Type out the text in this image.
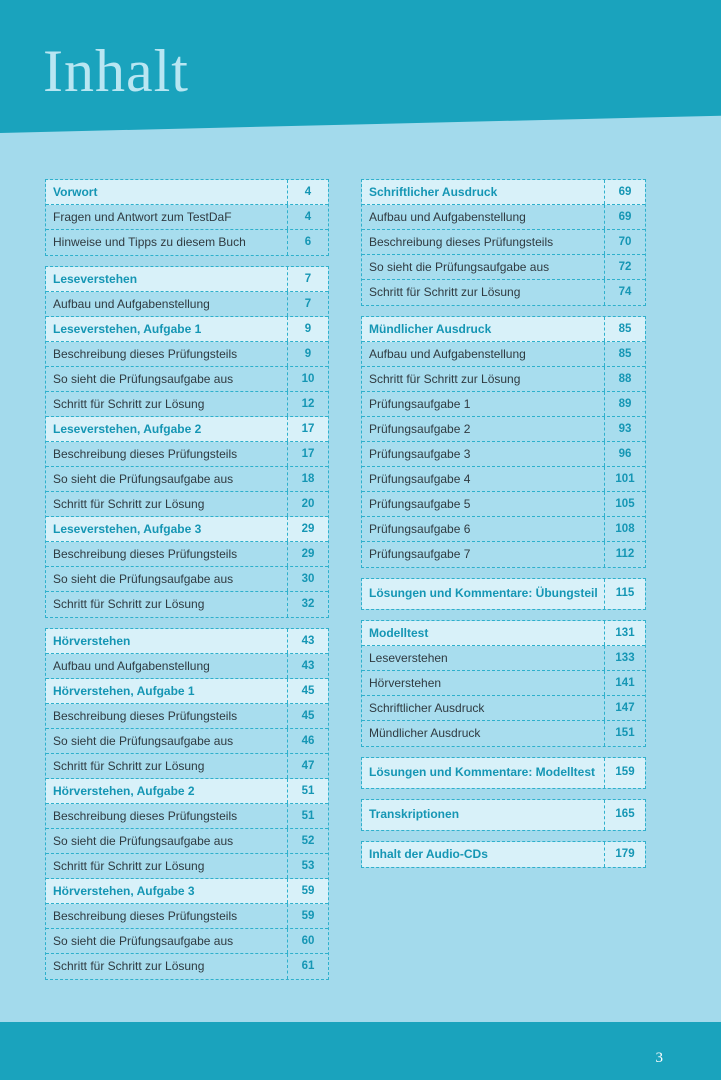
Inhalt
Vorwort	4
Fragen und Antwort zum TestDaF	4
Hinweise und Tipps zu diesem Buch	6
Leseverstehen	7
Aufbau und Aufgabenstellung	7
Leseverstehen, Aufgabe 1	9
Beschreibung dieses Prüfungsteils	9
So sieht die Prüfungsaufgabe aus	10
Schritt für Schritt zur Lösung	12
Leseverstehen, Aufgabe 2	17
Beschreibung dieses Prüfungsteils	17
So sieht die Prüfungsaufgabe aus	18
Schritt für Schritt zur Lösung	20
Leseverstehen, Aufgabe 3	29
Beschreibung dieses Prüfungsteils	29
So sieht die Prüfungsaufgabe aus	30
Schritt für Schritt zur Lösung	32
Hörverstehen	43
Aufbau und Aufgabenstellung	43
Hörverstehen, Aufgabe 1	45
Beschreibung dieses Prüfungsteils	45
So sieht die Prüfungsaufgabe aus	46
Schritt für Schritt zur Lösung	47
Hörverstehen, Aufgabe 2	51
Beschreibung dieses Prüfungsteils	51
So sieht die Prüfungsaufgabe aus	52
Schritt für Schritt zur Lösung	53
Hörverstehen, Aufgabe 3	59
Beschreibung dieses Prüfungsteils	59
So sieht die Prüfungsaufgabe aus	60
Schritt für Schritt zur Lösung	61
Schriftlicher Ausdruck	69
Aufbau und Aufgabenstellung	69
Beschreibung dieses Prüfungsteils	70
So sieht die Prüfungsaufgabe aus	72
Schritt für Schritt zur Lösung	74
Mündlicher Ausdruck	85
Aufbau und Aufgabenstellung	85
Schritt für Schritt zur Lösung	88
Prüfungsaufgabe 1	89
Prüfungsaufgabe 2	93
Prüfungsaufgabe 3	96
Prüfungsaufgabe 4	101
Prüfungsaufgabe 5	105
Prüfungsaufgabe 6	108
Prüfungsaufgabe 7	112
Lösungen und Kommentare: Übungsteil	115
Modelltest	131
Leseverstehen	133
Hörverstehen	141
Schriftlicher Ausdruck	147
Mündlicher Ausdruck	151
Lösungen und Kommentare: Modelltest	159
Transkriptionen	165
Inhalt der Audio-CDs	179
3
